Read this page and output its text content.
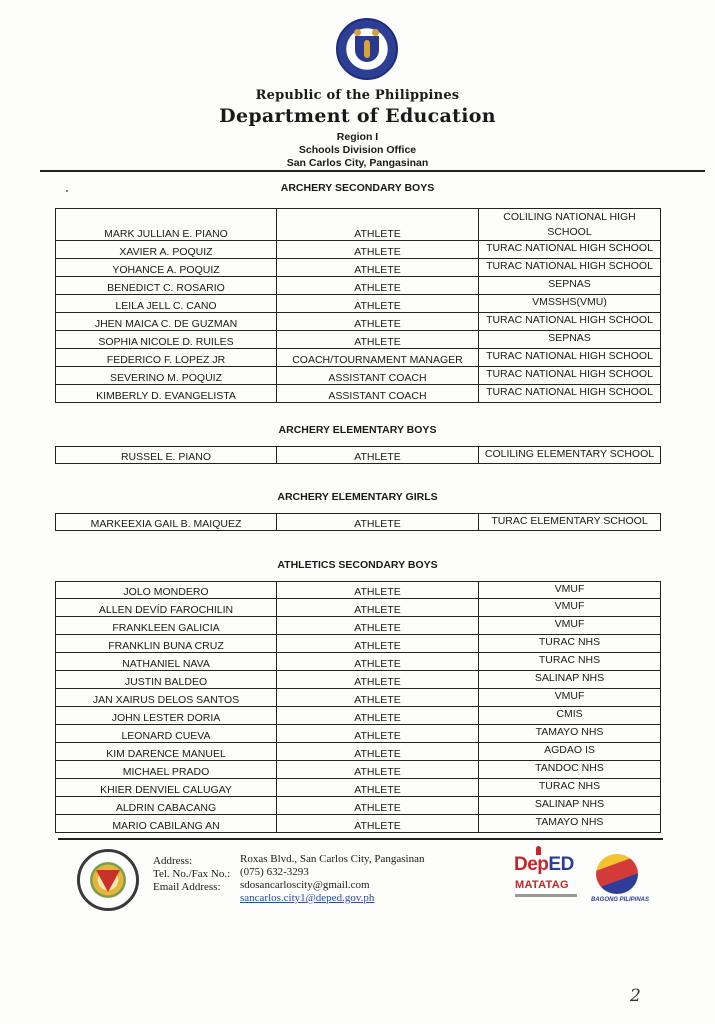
Republic of the Philippines
Department of Education
Region I
Schools Division Office
San Carlos City, Pangasinan
ARCHERY SECONDARY BOYS
MARK JULLIAN E. PIANO	ATHLETE	COLILING NATIONAL HIGH SCHOOL
XAVIER A. POQUIZ	ATHLETE	TURAC NATIONAL HIGH SCHOOL
YOHANCE A. POQUIZ	ATHLETE	TURAC NATIONAL HIGH SCHOOL
BENEDICT C. ROSARIO	ATHLETE	SEPNAS
LEILA JELL C. CANO	ATHLETE	VMSSHS(VMU)
JHEN MAICA C. DE GUZMAN	ATHLETE	TURAC NATIONAL HIGH SCHOOL
SOPHIA NICOLE D. RUILES	ATHLETE	SEPNAS
FEDERICO F. LOPEZ JR	COACH/TOURNAMENT MANAGER	TURAC NATIONAL HIGH SCHOOL
SEVERINO M. POQUIZ	ASSISTANT COACH	TURAC NATIONAL HIGH SCHOOL
KIMBERLY D. EVANGELISTA	ASSISTANT COACH	TURAC NATIONAL HIGH SCHOOL
ARCHERY ELEMENTARY BOYS
RUSSEL E. PIANO	ATHLETE	COLILING ELEMENTARY SCHOOL
ARCHERY ELEMENTARY GIRLS
MARKEEXIA GAIL B. MAIQUEZ	ATHLETE	TURAC ELEMENTARY SCHOOL
ATHLETICS SECONDARY BOYS
JOLO MONDERO	ATHLETE	VMUF
ALLEN DEVÍD FAROCHILIN	ATHLETE	VMUF
FRANKLEEN GALICIA	ATHLETE	VMUF
FRANKLIN BUNA CRUZ	ATHLETE	TURAC NHS
NATHANIEL NAVA	ATHLETE	TURAC NHS
JUSTIN BALDEO	ATHLETE	SALINAP NHS
JAN XAIRUS DELOS SANTOS	ATHLETE	VMUF
JOHN LESTER DORIA	ATHLETE	CMIS
LEONARD CUEVA	ATHLETE	TAMAYO NHS
KIM DARENCE MANUEL	ATHLETE	AGDAO IS
MICHAEL PRADO	ATHLETE	TANDOC NHS
KHIER DENVIEL CALUGAY	ATHLETE	TURAC NHS
ALDRIN CABACANG	ATHLETE	SALINAP NHS
MARIO CABILANG AN	ATHLETE	TAMAYO NHS
Address:	Roxas Blvd., San Carlos City, Pangasinan
Tel. No./Fax No.: (075) 632-3293
Email Address: sdosancarloscity@gmail.com
sancarlos.city1@deped.gov.ph
DepED
MATATAG
BAGONG PILIPINAS
2
